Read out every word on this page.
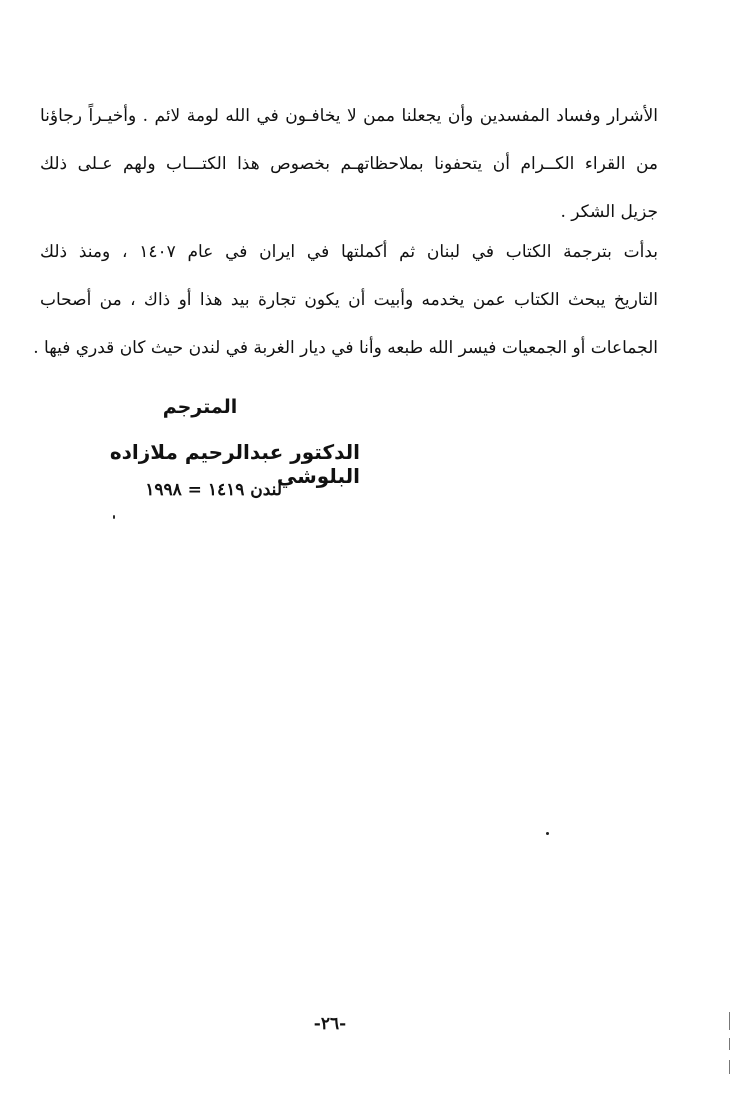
الأشرار وفساد المفسدين وأن يجعلنا ممن لا يخافـون في الله لومة لائم . وأخيـراً رجاؤنا
من القراء الكــرام أن يتحفونا بملاحظاتهـم بخصوص هذا الكتـــاب ولهم عـلى ذلك
جزيل الشكر .
بدأت بترجمة الكتاب في لبنان ثم أكملتها في ايران في عام ١٤٠٧ ، ومنذ ذلك
التاريخ يبحث الكتاب عمن يخدمه وأبيت أن يكون تجارة بيد هذا أو ذاك ، من أصحاب
الجماعات أو الجمعيات فيسر الله طبعه وأنا في ديار الغربة في لندن حيث كان قدري فيها .
المترجم
الدكتور عبدالرحيم ملازاده البلوشي
لندن ١٤١٩ = ١٩٩٨
-٢٦-
